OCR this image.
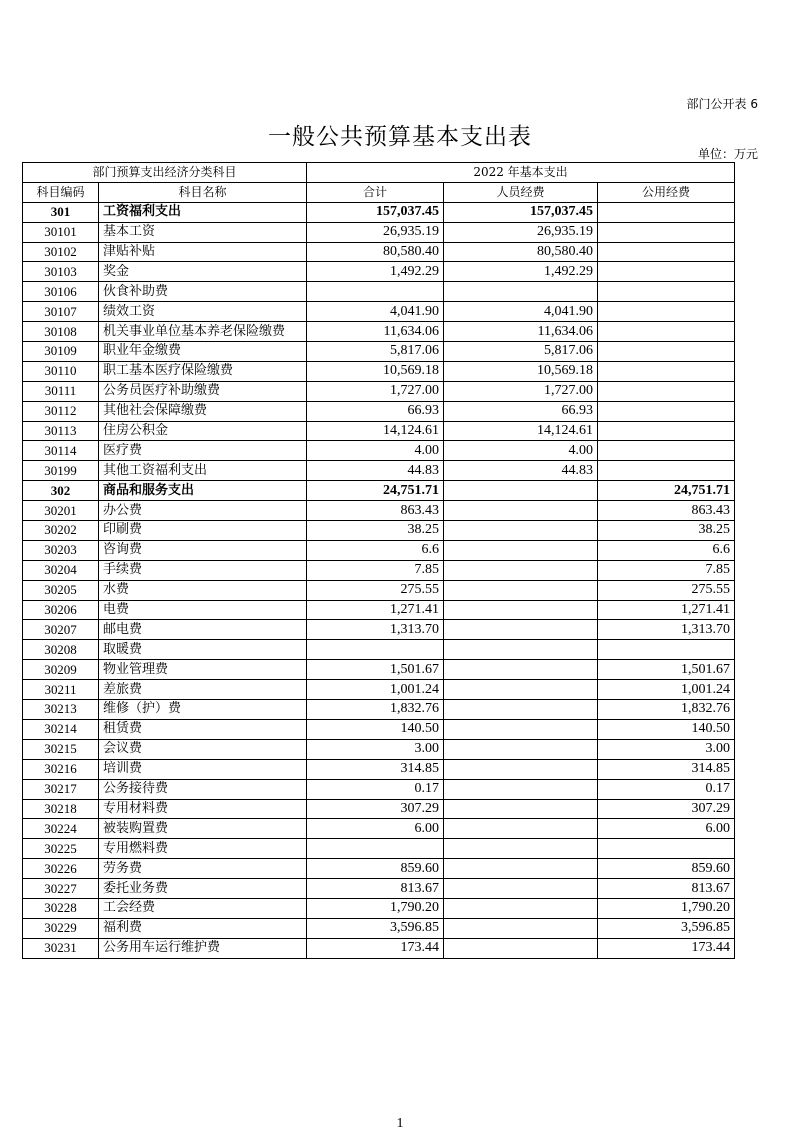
部门公开表 6
一般公共预算基本支出表
单位：万元
部门预算支出经济分类科目		2022 年基本支出		
科目编码	科目名称	合计	人员经费	公用经费
301	工资福利支出	157,037.45	157,037.45	
30101	基本工资	26,935.19	26,935.19	
30102	津贴补贴	80,580.40	80,580.40	
30103	奖金	1,492.29	1,492.29	
30106	伙食补助费			
30107	绩效工资	4,041.90	4,041.90	
30108	机关事业单位基本养老保险缴费	11,634.06	11,634.06	
30109	职业年金缴费	5,817.06	5,817.06	
30110	职工基本医疗保险缴费	10,569.18	10,569.18	
30111	公务员医疗补助缴费	1,727.00	1,727.00	
30112	其他社会保障缴费	66.93	66.93	
30113	住房公积金	14,124.61	14,124.61	
30114	医疗费	4.00	4.00	
30199	其他工资福利支出	44.83	44.83	
302	商品和服务支出	24,751.71		24,751.71
30201	办公费	863.43		863.43
30202	印刷费	38.25		38.25
30203	咨询费	6.6		6.6
30204	手续费	7.85		7.85
30205	水费	275.55		275.55
30206	电费	1,271.41		1,271.41
30207	邮电费	1,313.70		1,313.70
30208	取暖费			
30209	物业管理费	1,501.67		1,501.67
30211	差旅费	1,001.24		1,001.24
30213	维修（护）费	1,832.76		1,832.76
30214	租赁费	140.50		140.50
30215	会议费	3.00		3.00
30216	培训费	314.85		314.85
30217	公务接待费	0.17		0.17
30218	专用材料费	307.29		307.29
30224	被装购置费	6.00		6.00
30225	专用燃料费			
30226	劳务费	859.60		859.60
30227	委托业务费	813.67		813.67
30228	工会经费	1,790.20		1,790.20
30229	福利费	3,596.85		3,596.85
30231	公务用车运行维护费	173.44		173.44
1
